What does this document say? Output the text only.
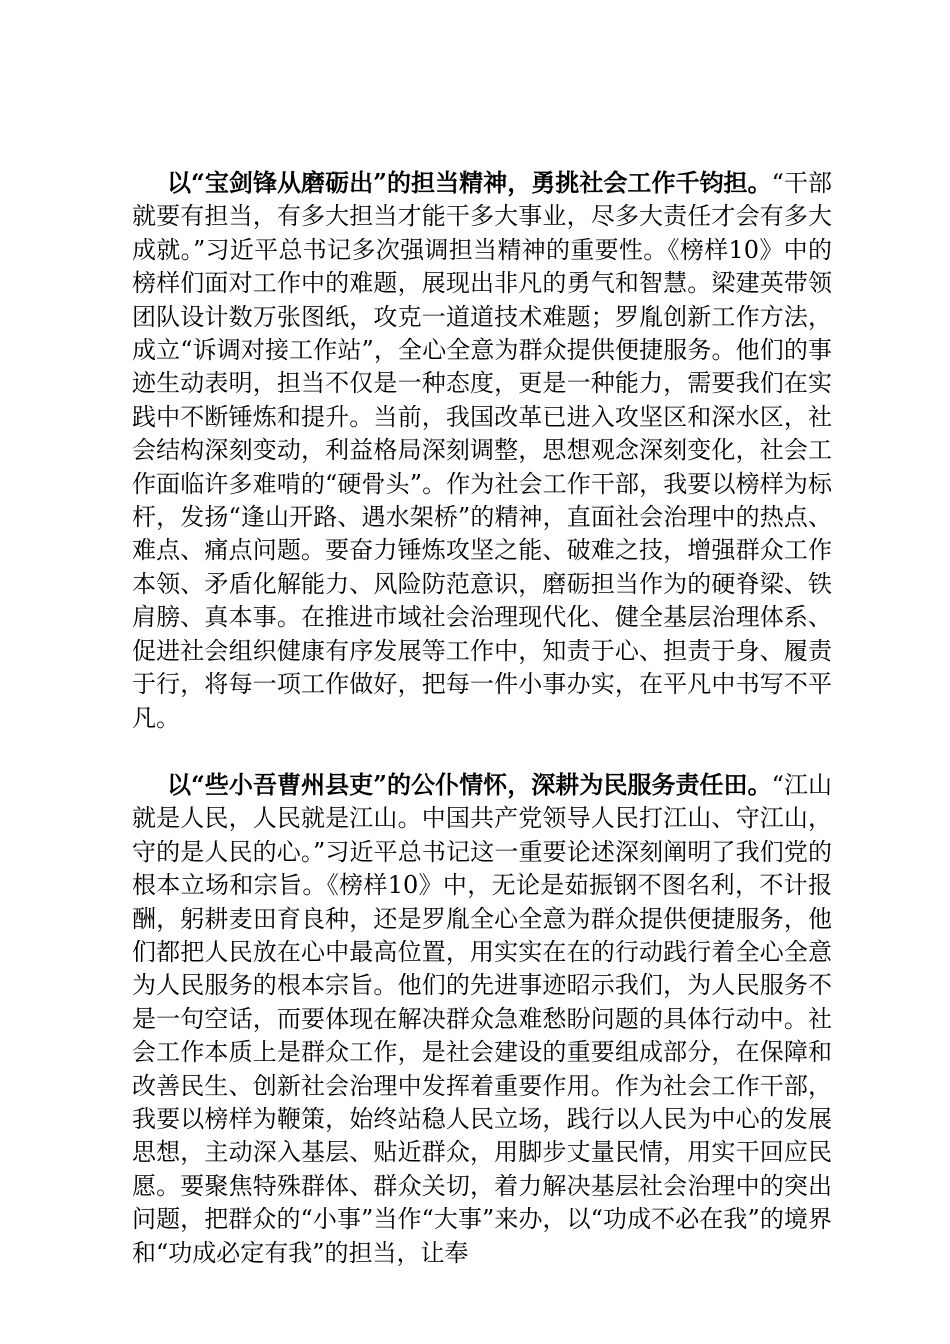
以“宝剑锋从磨砺出”的担当精神，勇挑社会工作千钧担。“干部就要有担当，有多大担当才能干多大事业，尽多大责任才会有多大成就。”习近平总书记多次强调担当精神的重要性。《榜样10》中的榜样们面对工作中的难题，展现出非凡的勇气和智慧。梁建英带领团队设计数万张图纸，攻克一道道技术难题；罗胤创新工作方法，成立“诉调对接工作站”，全心全意为群众提供便捷服务。他们的事迹生动表明，担当不仅是一种态度，更是一种能力，需要我们在实践中不断锤炼和提升。当前，我国改革已进入攻坚区和深水区，社会结构深刻变动，利益格局深刻调整，思想观念深刻变化，社会工作面临许多难啃的“硬骨头”。作为社会工作干部，我要以榜样为标杆，发扬“逢山开路、遇水架桥”的精神，直面社会治理中的热点、难点、痛点问题。要奋力锤炼攻坚之能、破难之技，增强群众工作本领、矛盾化解能力、风险防范意识，磨砺担当作为的硬脊梁、铁肩膀、真本事。在推进市域社会治理现代化、健全基层治理体系、促进社会组织健康有序发展等工作中，知责于心、担责于身、履责于行，将每一项工作做好，把每一件小事办实，在平凡中书写不平凡。

以“些小吾曹州县吏”的公仆情怀，深耕为民服务责任田。“江山就是人民，人民就是江山。中国共产党领导人民打江山、守江山，守的是人民的心。”习近平总书记这一重要论述深刻阐明了我们党的根本立场和宗旨。《榜样10》中，无论是茹振钢不图名利，不计报酬，躬耕麦田育良种，还是罗胤全心全意为群众提供便捷服务，他们都把人民放在心中最高位置，用实实在在的行动践行着全心全意为人民服务的根本宗旨。他们的先进事迹昭示我们，为人民服务不是一句空话，而要体现在解决群众急难愁盼问题的具体行动中。社会工作本质上是群众工作，是社会建设的重要组成部分，在保障和改善民生、创新社会治理中发挥着重要作用。作为社会工作干部，我要以榜样为鞭策，始终站稳人民立场，践行以人民为中心的发展思想，主动深入基层、贴近群众，用脚步丈量民情，用实干回应民愿。要聚焦特殊群体、群众关切，着力解决基层社会治理中的突出问题，把群众的“小事”当作“大事”来办，以“功成不必在我”的境界和“功成必定有我”的担当，让奉
